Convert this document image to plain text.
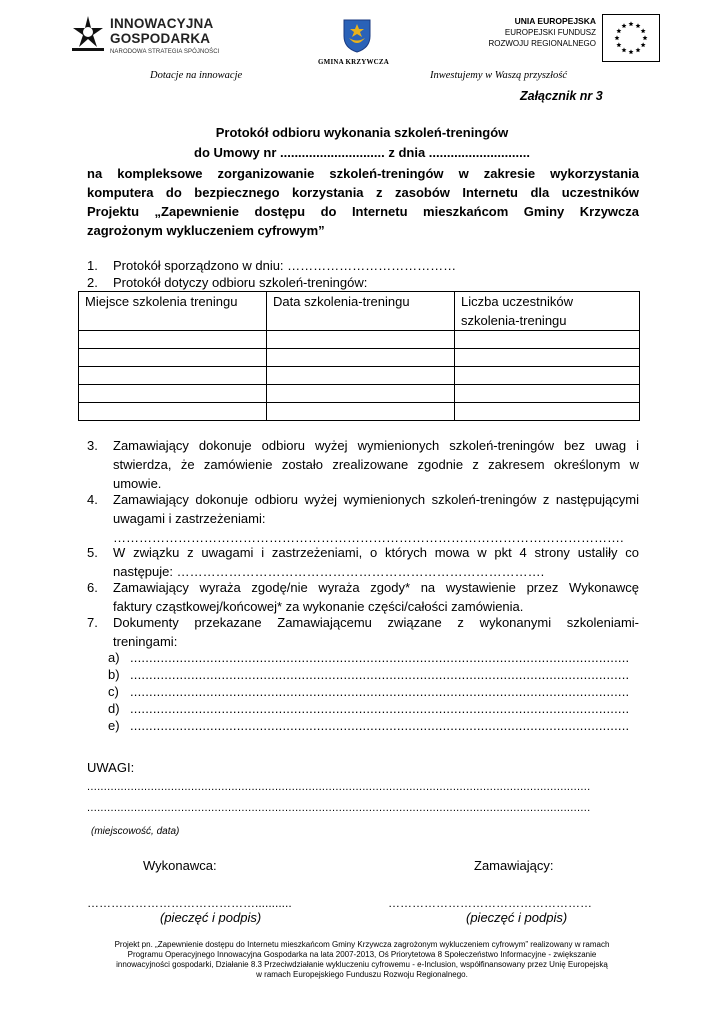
INNOWACYJNA
GOSPODARKA
NARODOWA STRATEGIA SPÓJNOŚCI
GMINA KRZYWCZA
UNIA EUROPEJSKA
EUROPEJSKI FUNDUSZ
ROZWOJU REGIONALNEGO
Dotacje na innowacje	Inwestujemy w Waszą przyszłość
Załącznik nr 3
Protokół odbioru wykonania szkoleń-treningów
do Umowy nr ............................. z dnia ............................
na kompleksowe zorganizowanie szkoleń-treningów w zakresie wykorzystania
komputera do bezpiecznego korzystania z zasobów Internetu dla uczestników
Projektu „Zapewnienie dostępu do Internetu mieszkańcom Gminy Krzywcza
zagrożonym wykluczeniem cyfrowym”
1. Protokół sporządzono w dniu: …………………………………
2. Protokół dotyczy odbioru szkoleń-treningów:
Miejsce szkolenia treningu	Data szkolenia-treningu	Liczba uczestników
szkolenia-treningu

3. Zamawiający dokonuje odbioru wyżej wymienionych szkoleń-treningów bez uwag i
stwierdza, że zamówienie zostało zrealizowane zgodnie z zakresem określonym w
umowie.
4. Zamawiający dokonuje odbioru wyżej wymienionych szkoleń-treningów z następującymi
uwagami i zastrzeżeniami:
……………………………………………………………………………………………………….
5. W związku z uwagami i zastrzeżeniami, o których mowa w pkt 4 strony ustaliły co
następuje: ………………………………………………………………………….
6. Zamawiający wyraża zgodę/nie wyraża zgody* na wystawienie przez Wykonawcę
faktury cząstkowej/końcowej* za wykonanie części/całości zamówienia.
7. Dokumenty przekazane Zamawiającemu związane z wykonanymi szkoleniami-
treningami:
a) ...................................................................................................................................
b) ...................................................................................................................................
c) ...................................................................................................................................
d) ...................................................................................................................................
e) ...................................................................................................................................
UWAGI:
......................................................................................................................................................
......................................................................................................................................................
(miejscowość, data)
Wykonawca:	Zamawiający:
……………………………………...........	……………………………………………
(pieczęć i podpis)	(pieczęć i podpis)
Projekt pn. „Zapewnienie dostępu do Internetu mieszkańcom Gminy Krzywcza zagrożonym wykluczeniem cyfrowym” realizowany w ramach
Programu Operacyjnego Innowacyjna Gospodarka na lata 2007-2013, Oś Priorytetowa 8 Społeczeństwo Informacyjne - zwiększanie
innowacyjności gospodarki, Działanie 8.3 Przeciwdziałanie wykluczeniu cyfrowemu - e-Inclusion, współfinansowany przez Unię Europejską
w ramach Europejskiego Funduszu Rozwoju Regionalnego.
